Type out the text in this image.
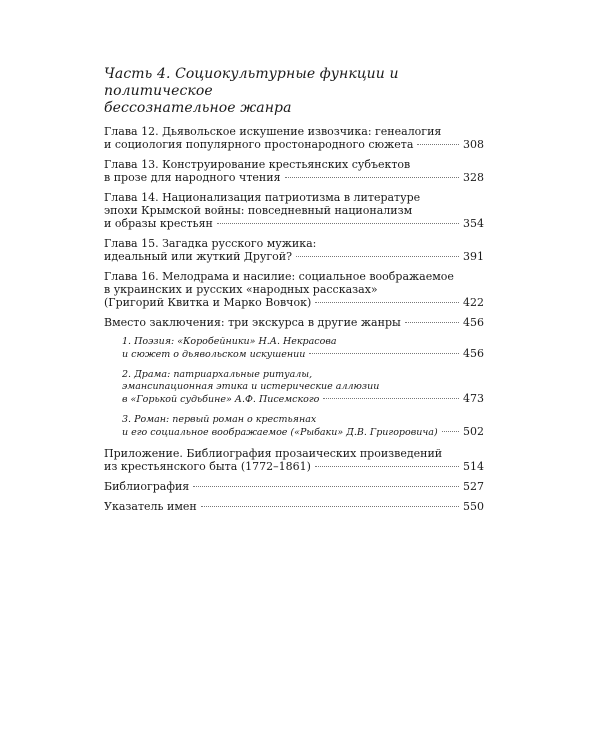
Часть 4. Социокультурные функции и политическое
бессознательное жанра
Глава 12. Дьявольское искушение извозчика: генеалогия
и социология популярного простонародного сюжета	308
Глава 13. Конструирование крестьянских субъектов
в прозе для народного чтения	328
Глава 14. Национализация патриотизма в литературе
эпохи Крымской войны: повседневный национализм
и образы крестьян	354
Глава 15. Загадка русского мужика:
идеальный или жуткий Другой?	391
Глава 16. Мелодрама и насилие: социальное воображаемое
в украинских и русских «народных рассказах»
(Григорий Квитка и Марко Вовчок)	422
Вместо заключения: три экскурса в другие жанры	456
1. Поэзия: «Коробейники» Н.А. Некрасова
и сюжет о дьявольском искушении	456
2. Драма: патриархальные ритуалы,
эмансипационная этика и истерические аллюзии
в «Горькой судьбине» А.Ф. Писемского	473
3. Роман: первый роман о крестьянах
и его социальное воображаемое («Рыбаки» Д.В. Григоровича) 502
Приложение. Библиография прозаических произведений
из крестьянского быта (1772–1861)	514
Библиография	527
Указатель имен	550
